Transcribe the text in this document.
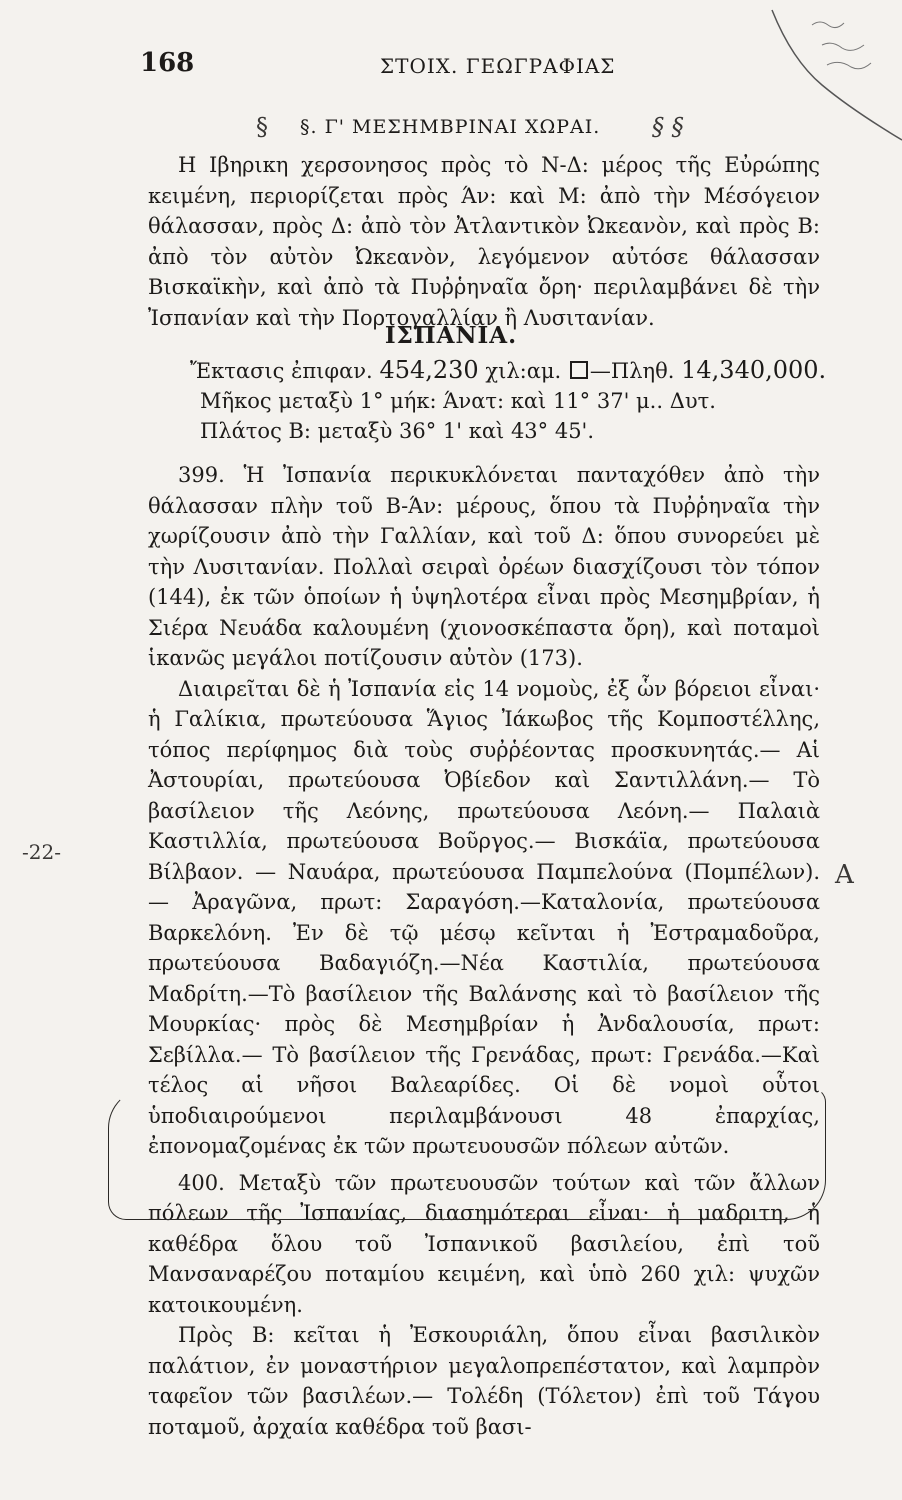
168	ΣΤΟΙΧ. ΓΕΩΓΡΑΦΙΑΣ
§ §. Γ' ΜΕΣΗΜΒΡΙΝΑΙ ΧΩΡΑΙ. § §

Η Ιβηρικη χερσονησος πρὸς τὸ Ν-Δ: μέρος τῆς Εὐρώπης κειμένη, περιορίζεται πρὸς Άν: καὶ Μ: ἀπὸ τὴν Μέσόγειον θάλασσαν, πρὸς Δ: ἀπὸ τὸν Ἀτλαντικὸν Ὠκεανὸν, καὶ πρὸς Β: ἀπὸ τὸν αὐτὸν Ὠκεανὸν, λεγόμενον αὐτόσε θάλασσαν Βισκαϊκὴν, καὶ ἀπὸ τὰ Πυῤῥηναῖα ὄρη· περιλαμβάνει δὲ τὴν Ἰσπανίαν καὶ τὴν Πορτογαλλίαν ἢ Λυσιτανίαν.

ΙΣΠΑΝΙΑ.
Ἔκτασις ἐπιφαν. 454,230 χιλ:αμ. —Πληθ. 14,340,000.
Μῆκος μεταξὺ 1° μήκ: Άνατ: καὶ 11° 37' μ.. Δυτ.
Πλάτος Β: μεταξὺ 36° 1' καὶ 43° 45'.

399. Ἡ Ἰσπανία περικυκλόνεται πανταχόθεν ἀπὸ τὴν θάλασσαν πλὴν τοῦ Β-Άν: μέρους, ὅπου τὰ Πυῤῥηναῖα τὴν χωρίζουσιν ἀπὸ τὴν Γαλλίαν, καὶ τοῦ Δ: ὅπου συνορεύει μὲ τὴν Λυσιτανίαν. Πολλαὶ σειραὶ ὀρέων διασχίζουσι τὸν τόπον (144), ἐκ τῶν ὁποίων ἡ ὑψηλοτέρα εἶναι πρὸς Μεσημβρίαν, ἡ Σιέρα Νευάδα καλουμένη (χιονοσκέπαστα ὄρη), καὶ ποταμοὶ ἱκανῶς μεγάλοι ποτίζουσιν αὐτὸν (173).

Διαιρεῖται δὲ ἡ Ἰσπανία εἰς 14 νομοὺς, ἐξ ὧν βόρειοι εἶναι· ἡ Γαλίκια, πρωτεύουσα Ἅγιος Ἰάκωβος τῆς Κομποστέλλης, τόπος περίφημος διὰ τοὺς συῤῥέοντας προσκυνητάς.— Αἱ Ἀστουρίαι, πρωτεύουσα Ὀβίεδον καὶ Σαντιλλάνη.— Τὸ βασίλειον τῆς Λεόνης, πρωτεύουσα Λεόνη.— Παλαιὰ Καστιλλία, πρωτεύουσα Βοῦργος.— Βισκάϊα, πρωτεύουσα Βίλβαον. — Ναυάρα, πρωτεύουσα Παμπελούνα (Πομπέλων). — Ἀραγῶνα, πρωτ: Σαραγόση.—Καταλονία, πρωτεύουσα Βαρκελόνη. Ἐν δὲ τῷ μέσῳ κεῖνται ἡ Ἐστραμαδοῦρα, πρωτεύουσα Βαδαγιόζη.—Νέα Καστιλία, πρωτεύουσα Μαδρίτη.—Τὸ βασίλειον τῆς Βαλάνσης καὶ τὸ βασίλειον τῆς Μουρκίας· πρὸς δὲ Μεσημβρίαν ἡ Ἀνδαλουσία, πρωτ: Σεβίλλα.— Τὸ βασίλειον τῆς Γρενάδας, πρωτ: Γρενάδα.—Καὶ τέλος αἱ νῆσοι Βαλεαρίδες. Οἱ δὲ νομοὶ οὗτοι ὑποδιαιρούμενοι περιλαμβάνουσι 48 ἐπαρχίας, ἐπονομαζομένας ἐκ τῶν πρωτευουσῶν πόλεων αὐτῶν.

400. Μεταξὺ τῶν πρωτευουσῶν τούτων καὶ τῶν ἄλλων πόλεων τῆς Ἰσπανίας, διασημότεραι εἶναι· ἡ μαδριτη, ἡ καθέδρα ὅλου τοῦ Ἰσπανικοῦ βασιλείου, ἐπὶ τοῦ Μανσαναρέζου ποταμίου κειμένη, καὶ ὑπὸ 260 χιλ: ψυχῶν κατοικουμένη.

Πρὸς Β: κεῖται ἡ Ἐσκουριάλη, ὅπου εἶναι βασιλικὸν παλάτιον, ἐν μοναστήριον μεγαλοπρεπέστατον, καὶ λαμπρὸν ταφεῖον τῶν βασιλέων.— Τολέδη (Τόλετον) ἐπὶ τοῦ Τάγου ποταμοῦ, ἀρχαία καθέδρα τοῦ βασι-

A
-22-
